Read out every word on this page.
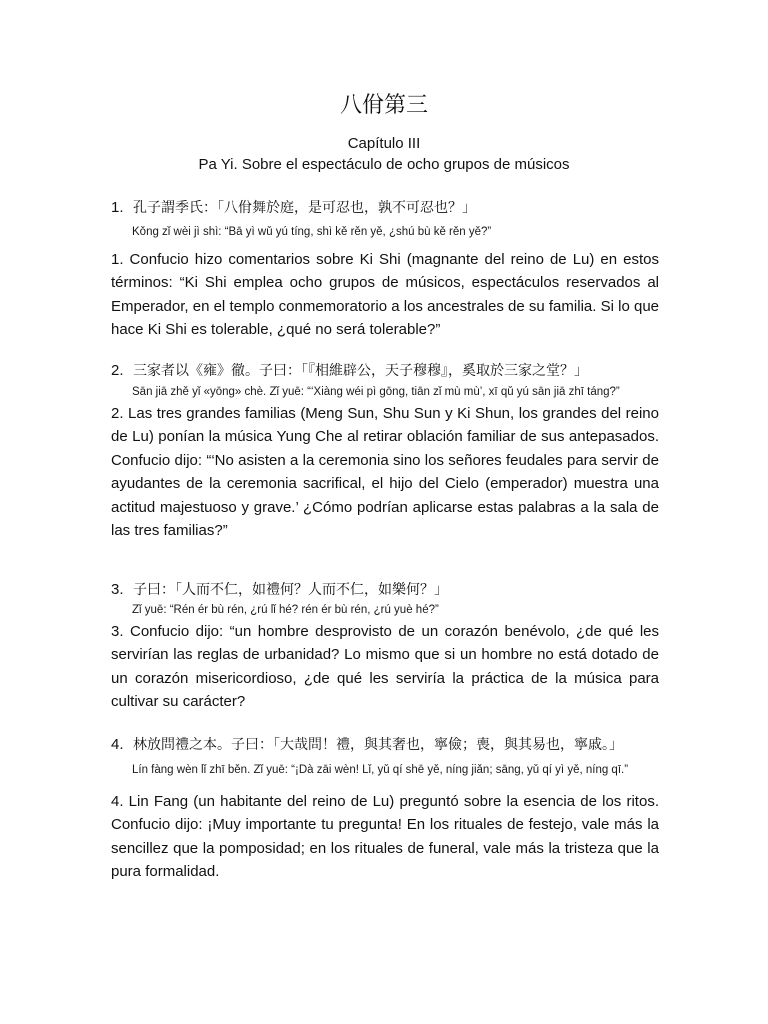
八佾第三
Capítulo III
Pa Yi. Sobre el espectáculo de ocho grupos de músicos
1. 孔子謂季氏：「八佾舞於庭，是可忍也，孰不可忍也？」
Kǒng zǐ wèi jì shì: “Bā yì wǔ yú tíng, shì kě rěn yě, ¿shú bù kě rěn yě?”
1. Confucio hizo comentarios sobre Ki Shi (magnante del reino de Lu) en estos términos: “Ki Shi emplea ocho grupos de músicos, espectáculos reservados al Emperador, en el templo conmemoratorio a los ancestrales de su familia. Si lo que hace Ki Shi es tolerable, ¿qué no será tolerable?”
2. 三家者以《雍》徹。子曰：「『相維辟公，天子穆穆』，奚取於三家之堂？」
Sān jiā zhě yǐ «yōng» chè. Zǐ yuē: “‘Xiàng wéi pì gōng, tiān zǐ mù mù’, xī qǔ yú sān jiā zhī táng?”
2. Las tres grandes familias (Meng Sun, Shu Sun y Ki Shun, los grandes del reino de Lu) ponían la música Yung Che al retirar oblación familiar de sus antepasados. Confucio dijo: “‘No asisten a la ceremonia sino los señores feudales para servir de ayudantes de la ceremonia sacrifical, el hijo del Cielo (emperador) muestra una actitud majestuoso y grave.’ ¿Cómo podrían aplicarse estas palabras a la sala de las tres familias?”
3. 子曰：「人而不仁，如禮何？人而不仁，如樂何？」
Zǐ yuē: “Rén ér bù rén, ¿rú lǐ hé? rén ér bù rén, ¿rú yuè hé?”
3. Confucio dijo: “un hombre desprovisto de un corazón benévolo, ¿de qué les servirían las reglas de urbanidad? Lo mismo que si un hombre no está dotado de un corazón misericordioso, ¿de qué les serviría la práctica de la música para cultivar su carácter?
4. 林放問禮之本。子曰：「大哉問！禮，與其奢也，寧儉；喪，與其易也，寧戚。」
Lín fàng wèn lǐ zhī běn. Zǐ yuē: “¡Dà zāi wèn! Lǐ, yǔ qí shē yě, níng jiǎn; sāng, yǔ qí yì yě, níng qī.”
4. Lin Fang (un habitante del reino de Lu) preguntó sobre la esencia de los ritos. Confucio dijo: ¡Muy importante tu pregunta! En los rituales de festejo, vale más la sencillez que la pomposidad; en los rituales de funeral, vale más la tristeza que la pura formalidad.
